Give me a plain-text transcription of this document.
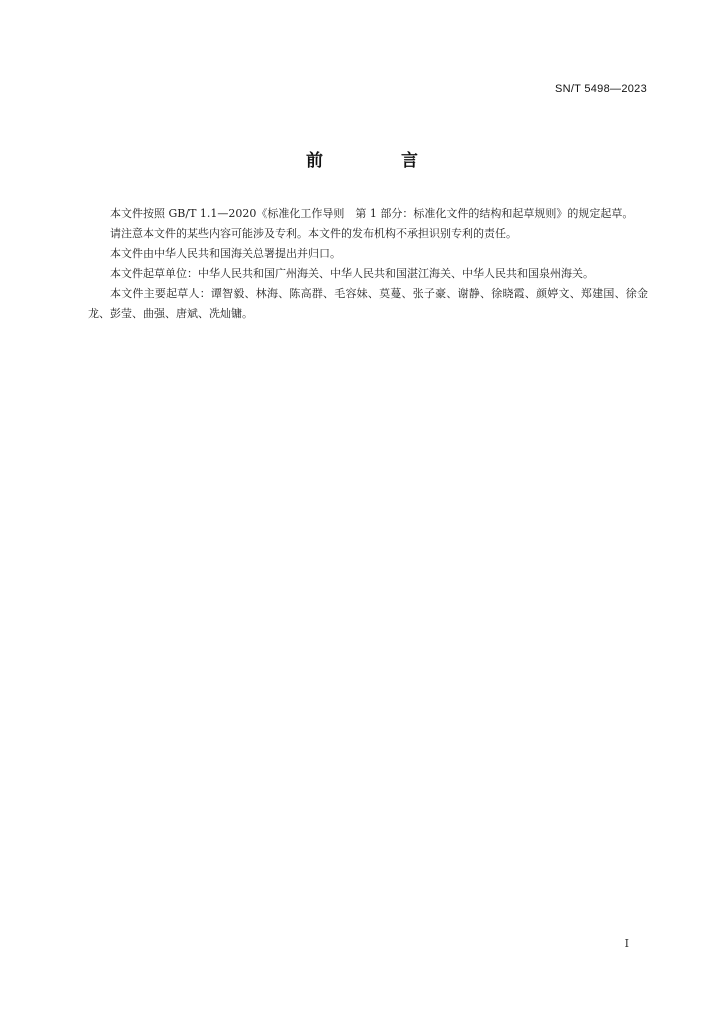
SN/T 5498—2023
前 言

本文件按照 GB/T 1.1—2020《标准化工作导则　第 1 部分：标准化文件的结构和起草规则》的规定起草。

请注意本文件的某些内容可能涉及专利。本文件的发布机构不承担识别专利的责任。

本文件由中华人民共和国海关总署提出并归口。

本文件起草单位：中华人民共和国广州海关、中华人民共和国湛江海关、中华人民共和国泉州海关。

本文件主要起草人：谭智毅、林海、陈高群、毛容妹、莫蔓、张子豪、谢静、徐晓霞、颜婷文、郑建国、徐金龙、彭莹、曲强、唐斌、冼灿镛。

I
